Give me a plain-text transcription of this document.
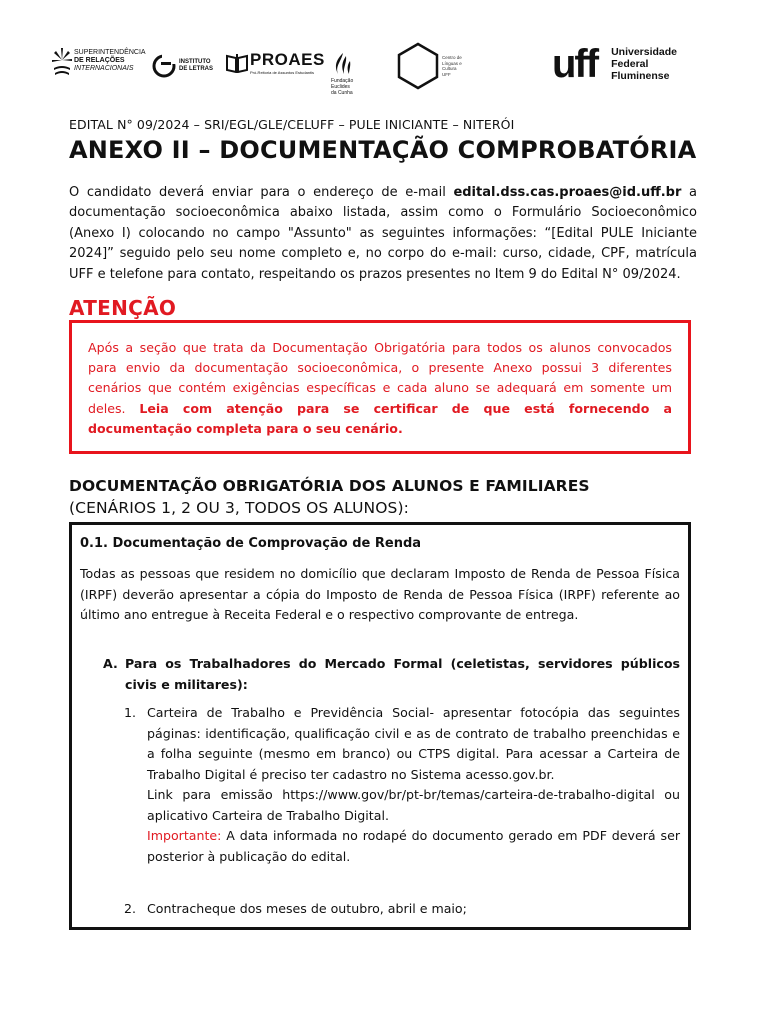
SUPERINTENDÊNCIA
DE RELAÇÕES
INTERNACIONAIS
INSTITUTO
DE LETRAS PROAES
Pró-Reitoria de Assuntos Estudantis
Fundação
Euclides da Cunha
Centro de
Línguas e
Cultura
UFF	uff Universidade
Federal
Fluminense
EDITAL N° 09/2024 – SRI/EGL/GLE/CELUFF – PULE INICIANTE – NITERÓI
ANEXO II – DOCUMENTAÇÃO COMPROBATÓRIA

O candidato deverá enviar para o endereço de e-mail edital.dss.cas.proaes@id.uff.br a documentação socioeconômica abaixo listada, assim como o Formulário Socioeconômico (Anexo I) colocando no campo "Assunto" as seguintes informações: “[Edital PULE Iniciante 2024]” seguido pelo seu nome completo e, no corpo do e-mail: curso, cidade, CPF, matrícula UFF e telefone para contato, respeitando os prazos presentes no Item 9 do Edital N° 09/2024.

ATENÇÃO

Após a seção que trata da Documentação Obrigatória para todos os alunos convocados para envio da documentação socioeconômica, o presente Anexo possui 3 diferentes cenários que contém exigências específicas e cada aluno se adequará em somente um deles. Leia com atenção para se certificar de que está fornecendo a documentação completa para o seu cenário.

DOCUMENTAÇÃO OBRIGATÓRIA DOS ALUNOS E FAMILIARES
(CENÁRIOS 1, 2 OU 3, TODOS OS ALUNOS):
0.1. Documentação de Comprovação de Renda

Todas as pessoas que residem no domicílio que declaram Imposto de Renda de Pessoa Física (IRPF) deverão apresentar a cópia do Imposto de Renda de Pessoa Física (IRPF) referente ao último ano entregue à Receita Federal e o respectivo comprovante de entrega.

A. Para os Trabalhadores do Mercado Formal (celetistas, servidores públicos civis e militares):
1. Carteira de Trabalho e Previdência Social- apresentar fotocópia das seguintes páginas: identificação, qualificação civil e as de contrato de trabalho preenchidas e a folha seguinte (mesmo em branco) ou CTPS digital. Para acessar a Carteira de Trabalho Digital é preciso ter cadastro no Sistema acesso.gov.br.

Link para emissão https://www.gov/br/pt-br/temas/carteira-de-trabalho-digital ou aplicativo Carteira de Trabalho Digital.

Importante: A data informada no rodapé do documento gerado em PDF deverá ser posterior à publicação do edital.

2. Contracheque dos meses de outubro, abril e maio;
